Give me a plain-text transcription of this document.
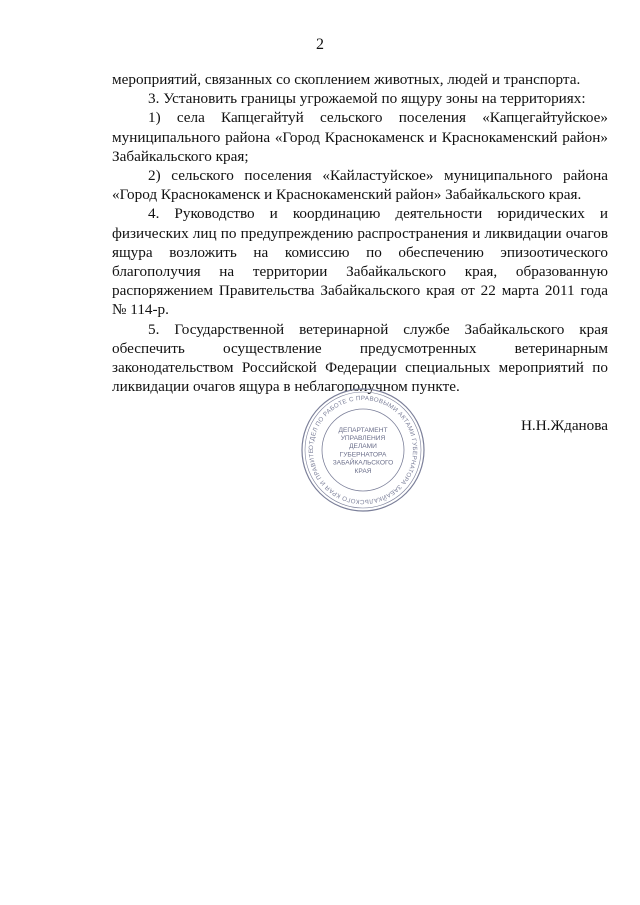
2

мероприятий, связанных со скоплением животных, людей и транспорта.

3. Установить границы угрожаемой по ящуру зоны на территориях:

1) села Капцегайтуй сельского поселения «Капцегайтуйское» муниципального района «Город Краснокаменск и Краснокаменский район» Забайкальского края;

2) сельского поселения «Кайластуйское» муниципального района «Город Краснокаменск и Краснокаменский район» Забайкальского края.

4. Руководство и координацию деятельности юридических и физических лиц по предупреждению распространения и ликвидации очагов ящура возложить на комиссию по обеспечению эпизоотического благополучия на территории Забайкальского края, образованную распоряжением Правительства Забайкальского края от 22 марта 2011 года № 114-р.

5. Государственной ветеринарной службе Забайкальского края обеспечить осуществление предусмотренных ветеринарным законодательством Российской Федерации специальных мероприятий по ликвидации очагов ящура в неблагополучном пункте.

ОТДЕЛ ПО РАБОТЕ С ПРАВОВЫМИ АКТАМИ ГУБЕРНАТОРА ЗАБАЙКАЛЬСКОГО КРАЯ И ПРАВИТЕ
ДЕПАРТАМЕНТ
УПРАВЛЕНИЯ
ДЕЛАМИ
ГУБЕРНАТОРА
ЗАБАЙКАЛЬСКОГО
КРАЯ
Н.Н.Жданова
